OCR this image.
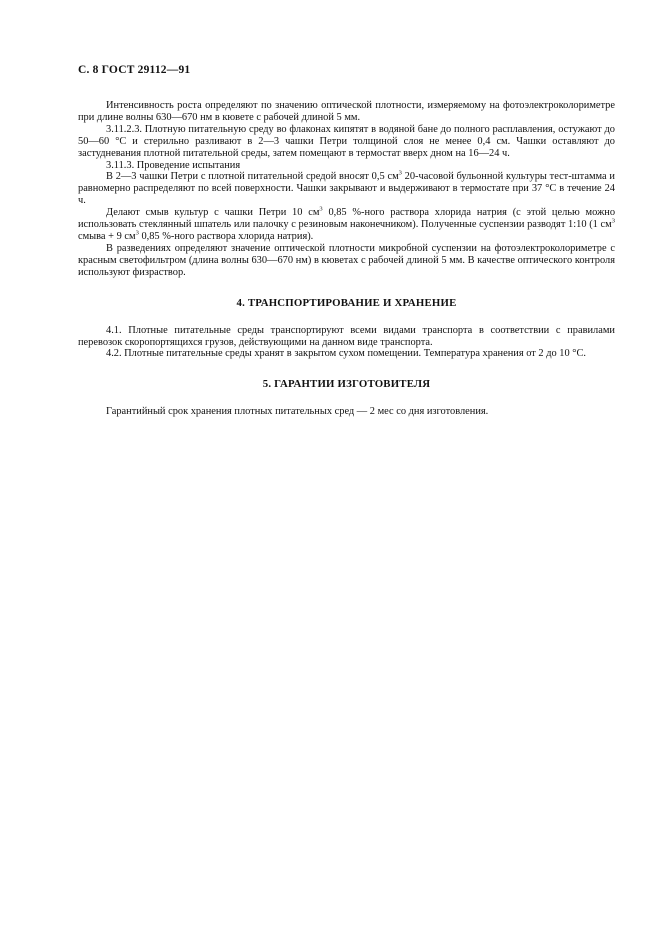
С. 8 ГОСТ 29112—91

Интенсивность роста определяют по значению оптической плотности, измеряемому на фотоэлектроколориметре при длине волны 630—670 нм в кювете с рабочей длиной 5 мм.

3.11.2.3. Плотную питательную среду во флаконах кипятят в водяной бане до полного расплавления, остужают до 50—60 °С и стерильно разливают в 2—3 чашки Петри толщиной слоя не менее 0,4 см. Чашки оставляют до застудневания плотной питательной среды, затем помещают в термостат вверх дном на 16—24 ч.

3.11.3. Проведение испытания

В 2—3 чашки Петри с плотной питательной средой вносят 0,5 $см^3$ 20-часовой бульонной культуры тест-штамма и равномерно распределяют по всей поверхности. Чашки закрывают и выдерживают в термостате при 37 °С в течение 24 ч.

Делают смыв культур с чашки Петри 10 $см^3$ 0,85 %-ного раствора хлорида натрия (с этой целью можно использовать стеклянный шпатель или палочку с резиновым наконечником). Полученные суспензии разводят 1:10 (1 $см^3$ смыва + 9 $см^3$ 0,85 %-ного раствора хлорида натрия).

В разведениях определяют значение оптической плотности микробной суспензии на фотоэлектроколориметре с красным светофильтром (длина волны 630—670 нм) в кюветах с рабочей длиной 5 мм. В качестве оптического контроля используют физраствор.

4. ТРАНСПОРТИРОВАНИЕ И ХРАНЕНИЕ

4.1. Плотные питательные среды транспортируют всеми видами транспорта в соответствии с правилами перевозок скоропортящихся грузов, действующими на данном виде транспорта.

4.2. Плотные питательные среды хранят в закрытом сухом помещении. Температура хранения от 2 до 10 °С.

5. ГАРАНТИИ ИЗГОТОВИТЕЛЯ

Гарантийный срок хранения плотных питательных сред — 2 мес со дня изготовления.
